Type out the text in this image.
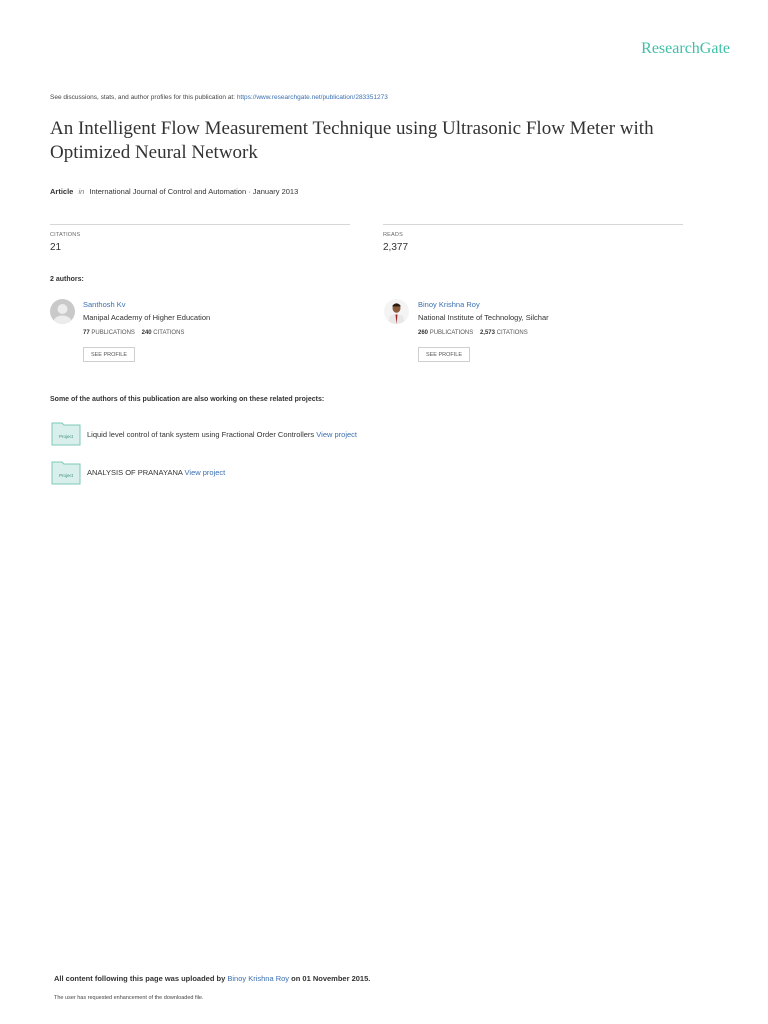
ResearchGate
See discussions, stats, and author profiles for this publication at: https://www.researchgate.net/publication/283351273
An Intelligent Flow Measurement Technique using Ultrasonic Flow Meter with Optimized Neural Network
Article in International Journal of Control and Automation · January 2013
CITATIONS
21
READS
2,377
2 authors:
Santhosh Kv
Manipal Academy of Higher Education
77 PUBLICATIONS 240 CITATIONS
SEE PROFILE
Binoy Krishna Roy
National Institute of Technology, Silchar
260 PUBLICATIONS 2,573 CITATIONS
SEE PROFILE
Some of the authors of this publication are also working on these related projects:
Project Liquid level control of tank system using Fractional Order Controllers View project
Project ANALYSIS OF PRANAYANA View project
All content following this page was uploaded by Binoy Krishna Roy on 01 November 2015.
The user has requested enhancement of the downloaded file.
